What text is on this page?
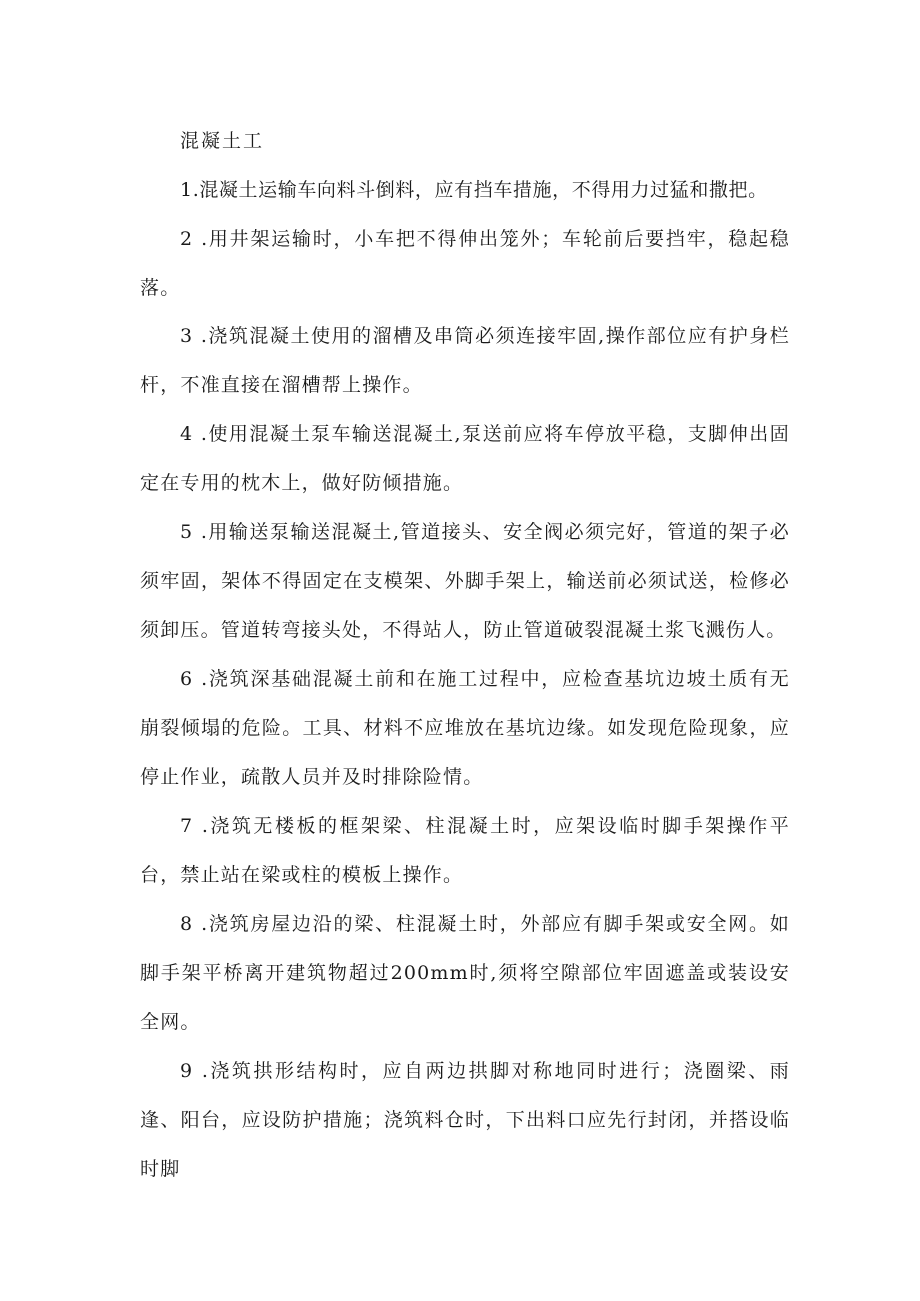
混凝土工

1.混凝土运输车向料斗倒料，应有挡车措施，不得用力过猛和撒把。

2 .用井架运输时，小车把不得伸出笼外；车轮前后要挡牢，稳起稳落。

3 .浇筑混凝土使用的溜槽及串筒必须连接牢固,操作部位应有护身栏杆，不准直接在溜槽帮上操作。

4 .使用混凝土泵车输送混凝土,泵送前应将车停放平稳，支脚伸出固定在专用的枕木上，做好防倾措施。

5 .用输送泵输送混凝土,管道接头、安全阀必须完好，管道的架子必须牢固，架体不得固定在支模架、外脚手架上，输送前必须试送，检修必须卸压。管道转弯接头处，不得站人，防止管道破裂混凝土浆飞溅伤人。

6 .浇筑深基础混凝土前和在施工过程中，应检查基坑边坡土质有无崩裂倾塌的危险。工具、材料不应堆放在基坑边缘。如发现危险现象，应停止作业，疏散人员并及时排除险情。

7 .浇筑无楼板的框架梁、柱混凝土时，应架设临时脚手架操作平台，禁止站在梁或柱的模板上操作。

8 .浇筑房屋边沿的梁、柱混凝土时，外部应有脚手架或安全网。如脚手架平桥离开建筑物超过200mm时,须将空隙部位牢固遮盖或装设安全网。

9 .浇筑拱形结构时，应自两边拱脚对称地同时进行；浇圈梁、雨逢、阳台，应设防护措施；浇筑料仓时，下出料口应先行封闭，并搭设临时脚
